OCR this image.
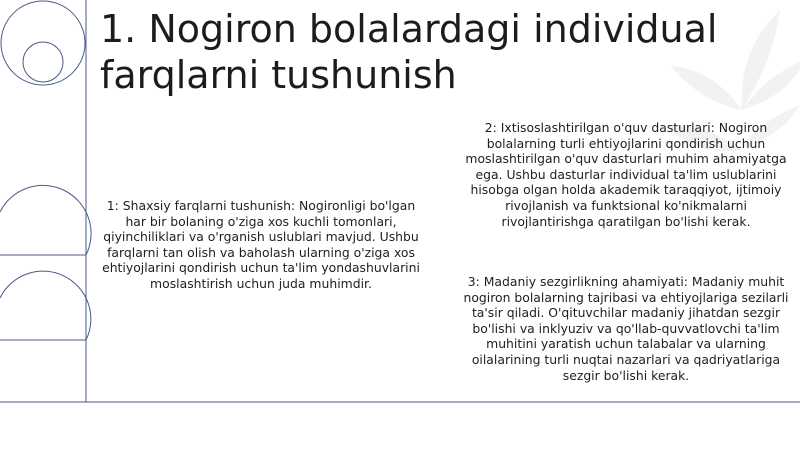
1. Nogiron bolalardagi individual farqlarni tushunish

1: Shaxsiy farqlarni tushunish: Nogironligi bo'lgan har bir bolaning o'ziga xos kuchli tomonlari, qiyinchiliklari va o'rganish uslublari mavjud. Ushbu farqlarni tan olish va baholash ularning o'ziga xos ehtiyojlarini qondirish uchun ta'lim yondashuvlarini moslashtirish uchun juda muhimdir.

2: Ixtisoslashtirilgan o'quv dasturlari: Nogiron bolalarning turli ehtiyojlarini qondirish uchun moslashtirilgan o'quv dasturlari muhim ahamiyatga ega. Ushbu dasturlar individual ta'lim uslublarini hisobga olgan holda akademik taraqqiyot, ijtimoiy rivojlanish va funktsional ko'nikmalarni rivojlantirishga qaratilgan bo'lishi kerak.

3: Madaniy sezgirlikning ahamiyati: Madaniy muhit nogiron bolalarning tajribasi va ehtiyojlariga sezilarli ta'sir qiladi. O'qituvchilar madaniy jihatdan sezgir bo'lishi va inklyuziv va qo'llab-quvvatlovchi ta'lim muhitini yaratish uchun talabalar va ularning oilalarining turli nuqtai nazarlari va qadriyatlariga sezgir bo'lishi kerak.
